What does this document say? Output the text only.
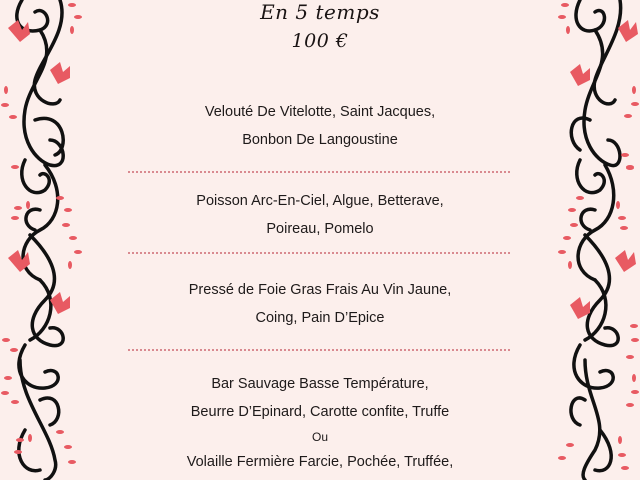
En 5 temps
100 €
Velouté De Vitelotte, Saint Jacques,
Bonbon De Langoustine
Poisson Arc-En-Ciel, Algue, Betterave,
Poireau, Pomelo
Pressé de Foie Gras Frais Au Vin Jaune,
Coing, Pain D’Epice
Bar Sauvage Basse Température,
Beurre D’Epinard, Carotte confite, Truffe
Ou
Volaille Fermière Farcie, Pochée, Truffée,
